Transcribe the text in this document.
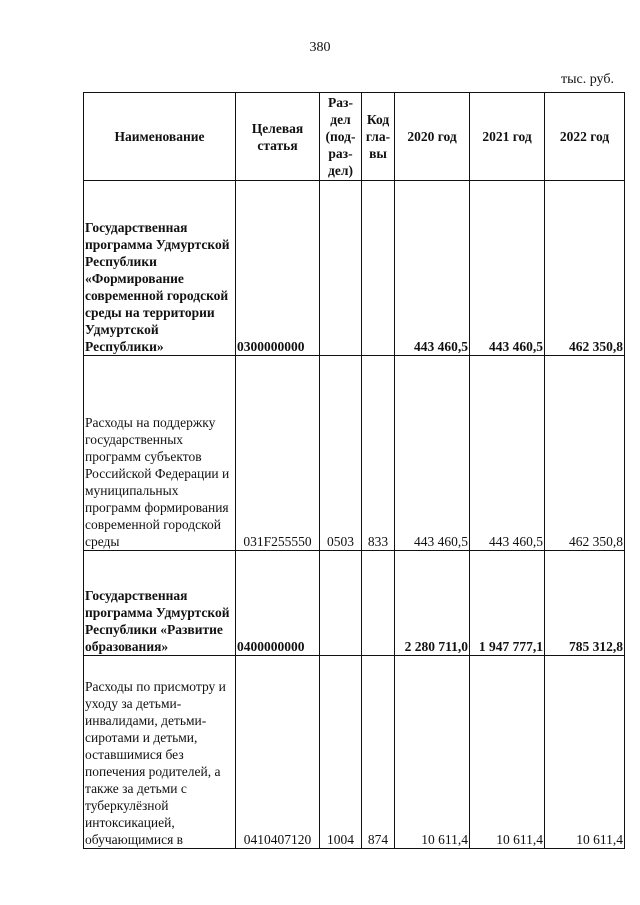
380
тыс. руб.
Наименование	Целевая статья	Раз-дел (под-раз-дел)	Код гла-вы	2020 год	2021 год	2022 год
Государственная программа Удмуртской Республики «Формирование современной городской среды на территории Удмуртской Республики»	0300000000			443 460,5	443 460,5	462 350,8
Расходы на поддержку государственных программ субъектов Российской Федерации и муниципальных программ формирования современной городской среды	031F255550	0503	833	443 460,5	443 460,5	462 350,8
Государственная программа Удмуртской Республики «Развитие образования»	0400000000			2 280 711,0	1 947 777,1	785 312,8
Расходы по присмотру и уходу за детьми-инвалидами, детьми-сиротами и детьми, оставшимися без попечения родителей, а также за детьми с туберкулёзной интоксикацией, обучающимися в	0410407120	1004	874	10 611,4	10 611,4	10 611,4
